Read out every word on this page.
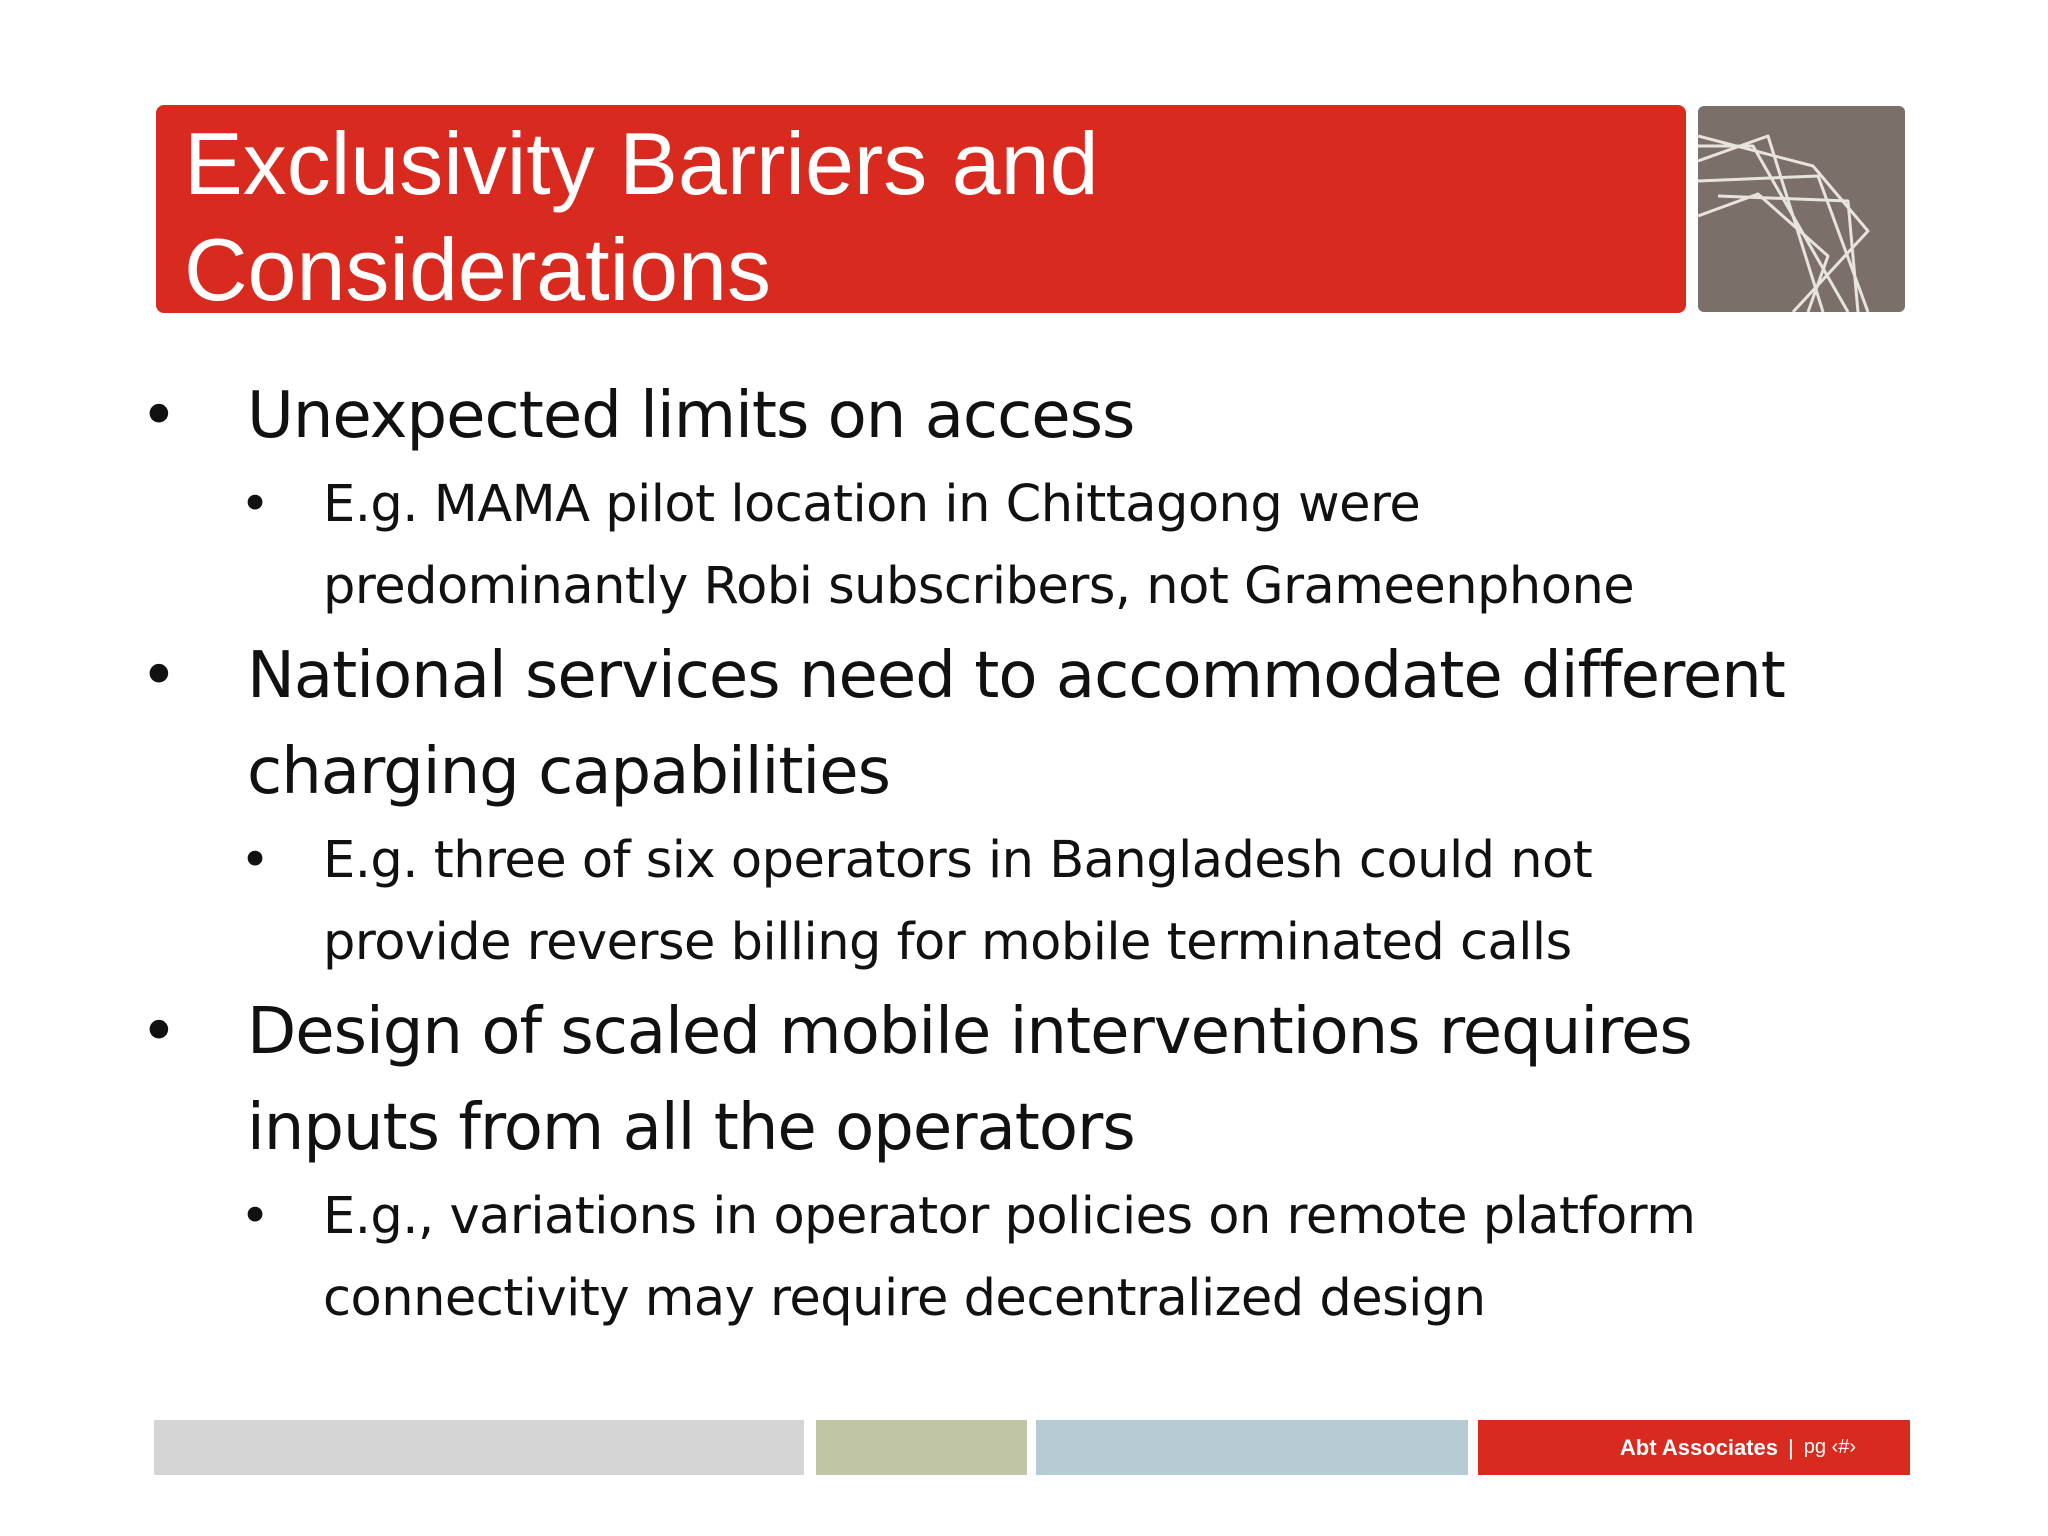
Exclusivity Barriers and
Considerations
• Unexpected limits on access
• E.g. MAMA pilot location in Chittagong were
predominantly Robi subscribers, not Grameenphone
• National services need to accommodate different
charging capabilities
• E.g. three of six operators in Bangladesh could not
provide reverse billing for mobile terminated calls
• Design of scaled mobile interventions requires
inputs from all the operators
• E.g., variations in operator policies on remote platform
connectivity may require decentralized design
Abt Associates | pg ‹#›
